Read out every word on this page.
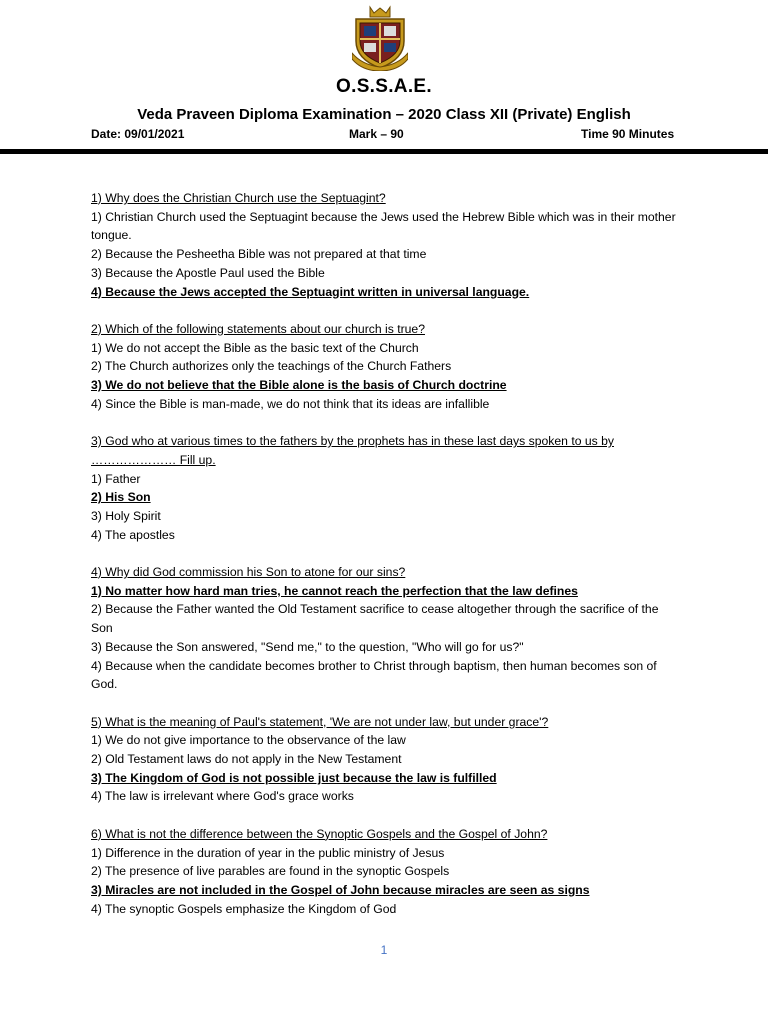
O.S.S.A.E.
Veda Praveen Diploma Examination – 2020 Class XII (Private) English
Date: 09/01/2021	Mark – 90	Time 90 Minutes
1) Why does the Christian Church use the Septuagint?
1) Christian Church used the Septuagint because the Jews used the Hebrew Bible which was in their mother tongue.
2) Because the Pesheetha Bible was not prepared at that time
3) Because the Apostle Paul used the Bible
4) Because the Jews accepted the Septuagint written in universal language.
2) Which of the following statements about our church is true?
1) We do not accept the Bible as the basic text of the Church
2) The Church authorizes only the teachings of the Church Fathers
3) We do not believe that the Bible alone is the basis of Church doctrine
4) Since the Bible is man-made, we do not think that its ideas are infallible
3) God who at various times to the fathers by the prophets has in these last days spoken to us by ………………… Fill up.
1) Father
2) His Son
3) Holy Spirit
4) The apostles
4) Why did God commission his Son to atone for our sins?
1) No matter how hard man tries, he cannot reach the perfection that the law defines
2) Because the Father wanted the Old Testament sacrifice to cease altogether through the sacrifice of the Son
3) Because the Son answered, "Send me," to the question, "Who will go for us?"
4) Because when the candidate becomes brother to Christ through baptism, then human becomes son of God.
5) What is the meaning of Paul's statement, 'We are not under law, but under grace'?
1) We do not give importance to the observance of the law
2) Old Testament laws do not apply in the New Testament
3) The Kingdom of God is not possible just because the law is fulfilled
4) The law is irrelevant where God's grace works
6) What is not the difference between the Synoptic Gospels and the Gospel of John?
1) Difference in the duration of year in the public ministry of Jesus
2) The presence of live parables are found in the synoptic Gospels
3) Miracles are not included in the Gospel of John because miracles are seen as signs
4) The synoptic Gospels emphasize the Kingdom of God
1
